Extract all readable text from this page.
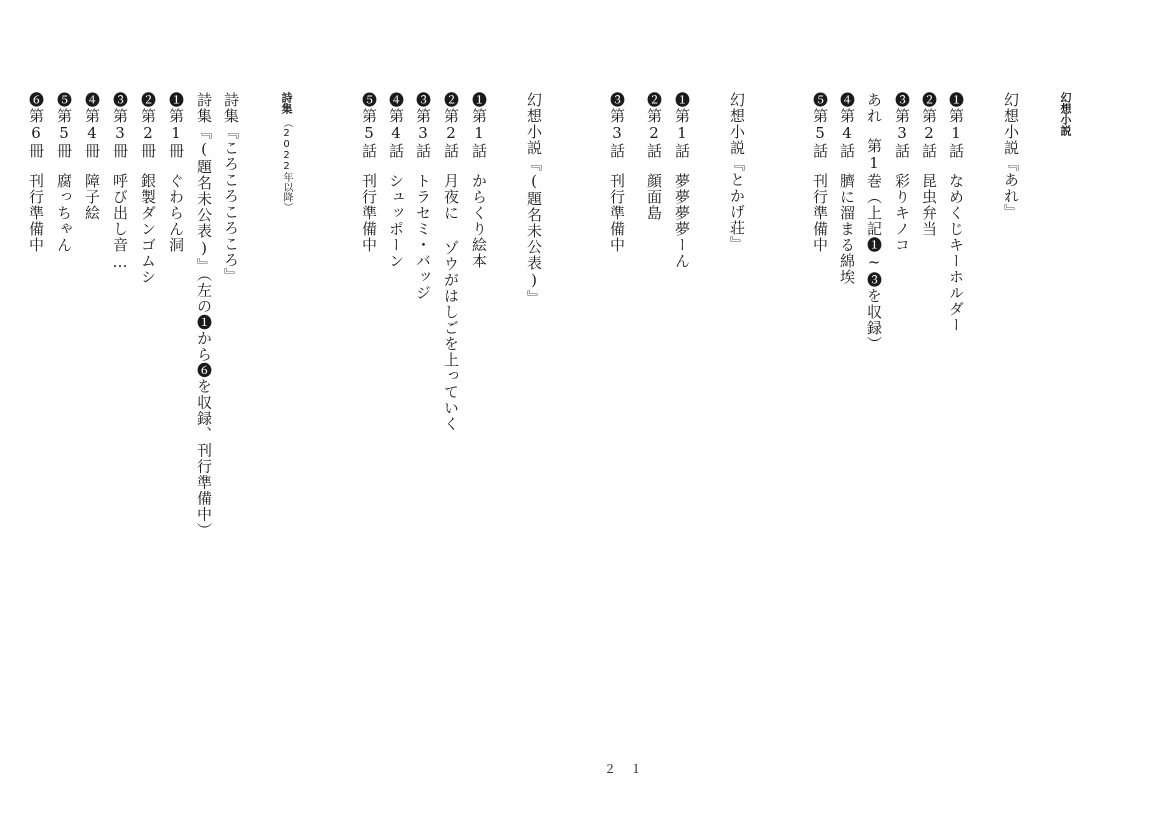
幻想小説
幻想小説『あれ』
❶第1話なめくじキーホルダー
❷第2話昆虫弁当
❸第3話彩りキノコ
あれ第1巻（上記❶~❸を収録）
❹第4話臍に溜まる綿埃
❺第5話刊行準備中
幻想小説『とかげ荘』
❶第1話夢夢夢夢ーん
❷第2話顔面島
❸第3話刊行準備中
幻想小説『(題名未公表)』
❶第1話からくり絵本
❷第2話月夜に ゾウがはしごを上っていく
❸第3話トラセミ・バッジ
❹第4話シュッポーン
❺第5話刊行準備中
詩集（2022年以降）
詩集『ころころころころ』
詩集『(題名未公表)』（左の❶から❻を収録、刊行準備中）
❶第1冊ぐわらん洞
❷第2冊銀製ダンゴムシ
❸第3冊呼び出し音…
❹第4冊障子絵
❺第5冊腐っちゃん
❻第6冊刊行準備中
２１
